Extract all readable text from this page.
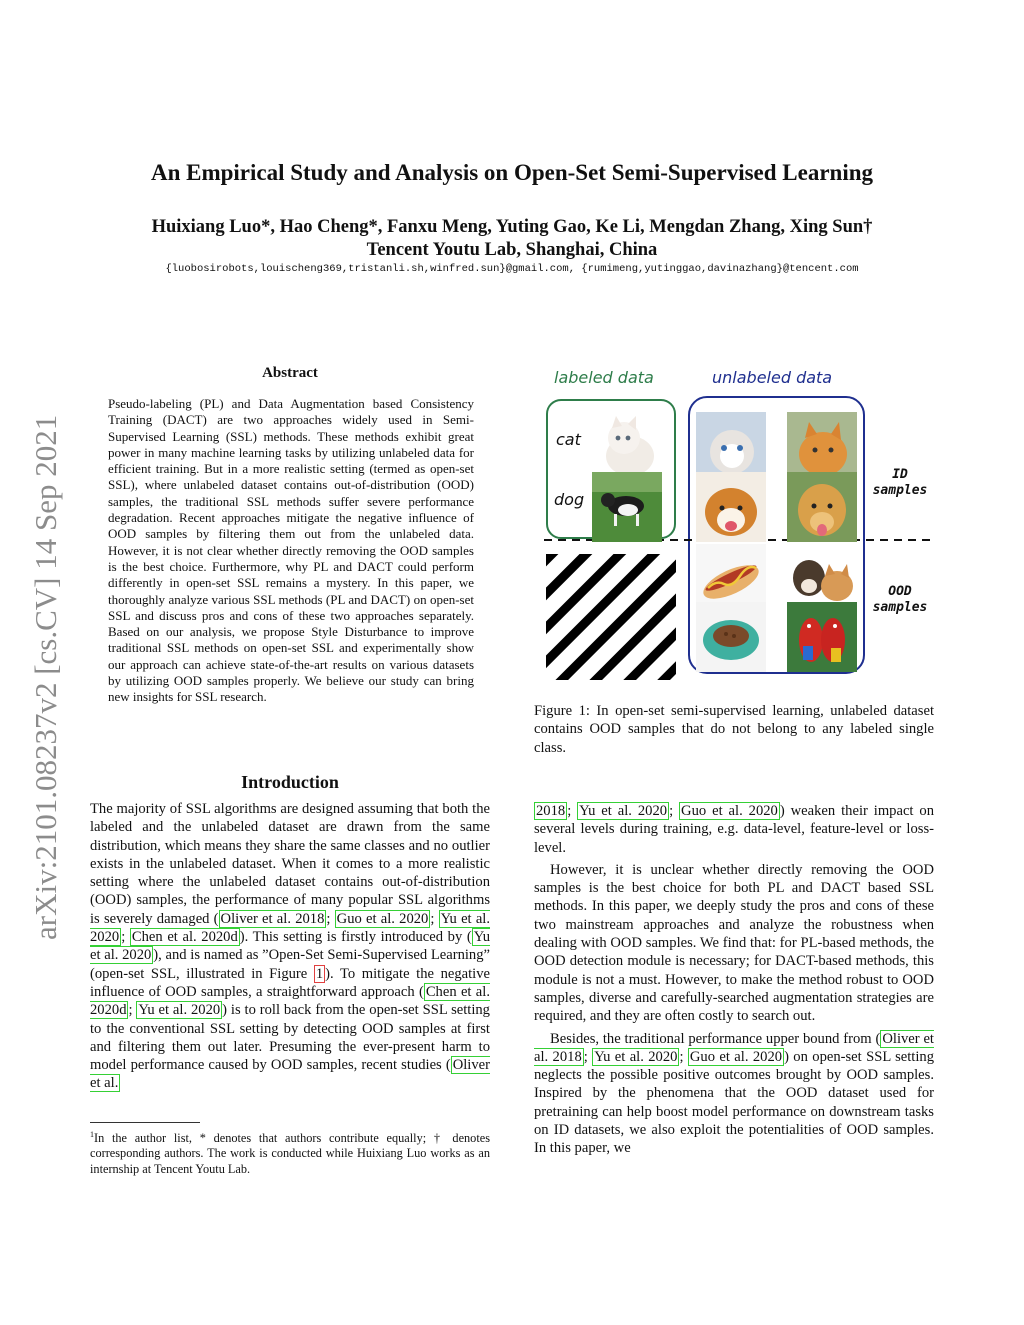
arXiv:2101.08237v2 [cs.CV] 14 Sep 2021
An Empirical Study and Analysis on Open-Set Semi-Supervised Learning
Huixiang Luo*, Hao Cheng*, Fanxu Meng, Yuting Gao, Ke Li, Mengdan Zhang, Xing Sun†
Tencent Youtu Lab, Shanghai, China
{luobosirobots,louischeng369,tristanli.sh,winfred.sun}@gmail.com, {rumimeng,yutinggao,davinazhang}@tencent.com
Abstract
Pseudo-labeling (PL) and Data Augmentation based Consistency Training (DACT) are two approaches widely used in Semi-Supervised Learning (SSL) methods. These methods exhibit great power in many machine learning tasks by utilizing unlabeled data for efficient training. But in a more realistic setting (termed as open-set SSL), where unlabeled dataset contains out-of-distribution (OOD) samples, the traditional SSL methods suffer severe performance degradation. Recent approaches mitigate the negative influence of OOD samples by filtering them out from the unlabeled data. However, it is not clear whether directly removing the OOD samples is the best choice. Furthermore, why PL and DACT could perform differently in open-set SSL remains a mystery. In this paper, we thoroughly analyze various SSL methods (PL and DACT) on open-set SSL and discuss pros and cons of these two approaches separately. Based on our analysis, we propose Style Disturbance to improve traditional SSL methods on open-set SSL and experimentally show our approach can achieve state-of-the-art results on various datasets by utilizing OOD samples properly. We believe our study can bring new insights for SSL research.
Introduction

The majority of SSL algorithms are designed assuming that both the labeled and the unlabeled dataset are drawn from the same distribution, which means they share the same classes and no outlier exists in the unlabeled dataset. When it comes to a more realistic setting where the unlabeled dataset contains out-of-distribution (OOD) samples, the performance of many popular SSL algorithms is severely damaged ( Oliver et al. 2018 ; Guo et al. 2020 ; Yu et al. 2020 ; Chen et al. 2020d ). This setting is firstly introduced by ( Yu et al. 2020 ), and is named as ”Open-Set Semi-Supervised Learning” (open-set SSL, illustrated in Figure 1 ). To mitigate the negative influence of OOD samples, a straightforward approach ( Chen et al. 2020d ; Yu et al. 2020 ) is to roll back from the open-set SSL setting to the conventional SSL setting by detecting OOD samples at first and filtering them out later. Presuming the ever-present harm to model performance caused by OOD samples, recent studies ( Oliver et al.

$^1$In the author list, * denotes that authors contribute equally; † denotes corresponding authors. The work is conducted while Huixiang Luo works as an internship at Tencent Youtu Lab.
labeled data	unlabeled data
cat
dog
ID
samples
OOD
samples
Figure 1: In open-set semi-supervised learning, unlabeled dataset contains OOD samples that do not belong to any labeled single class.

2018 ; Yu et al. 2020 ; Guo et al. 2020 ) weaken their impact on several levels during training, e.g. data-level, feature-level or loss-level.

However, it is unclear whether directly removing the OOD samples is the best choice for both PL and DACT based SSL methods. In this paper, we deeply study the pros and cons of these two mainstream approaches and analyze the robustness when dealing with OOD samples. We find that: for PL-based methods, the OOD detection module is necessary; for DACT-based methods, this module is not a must. However, to make the method robust to OOD samples, diverse and carefully-searched augmentation strategies are required, and they are often costly to search out.

Besides, the traditional performance upper bound from ( Oliver et al. 2018 ; Yu et al. 2020 ; Guo et al. 2020 ) on open-set SSL setting neglects the possible positive outcomes brought by OOD samples. Inspired by the phenomena that the OOD dataset used for pretraining can help boost model performance on downstream tasks on ID datasets, we also exploit the potentialities of OOD samples. In this paper, we
